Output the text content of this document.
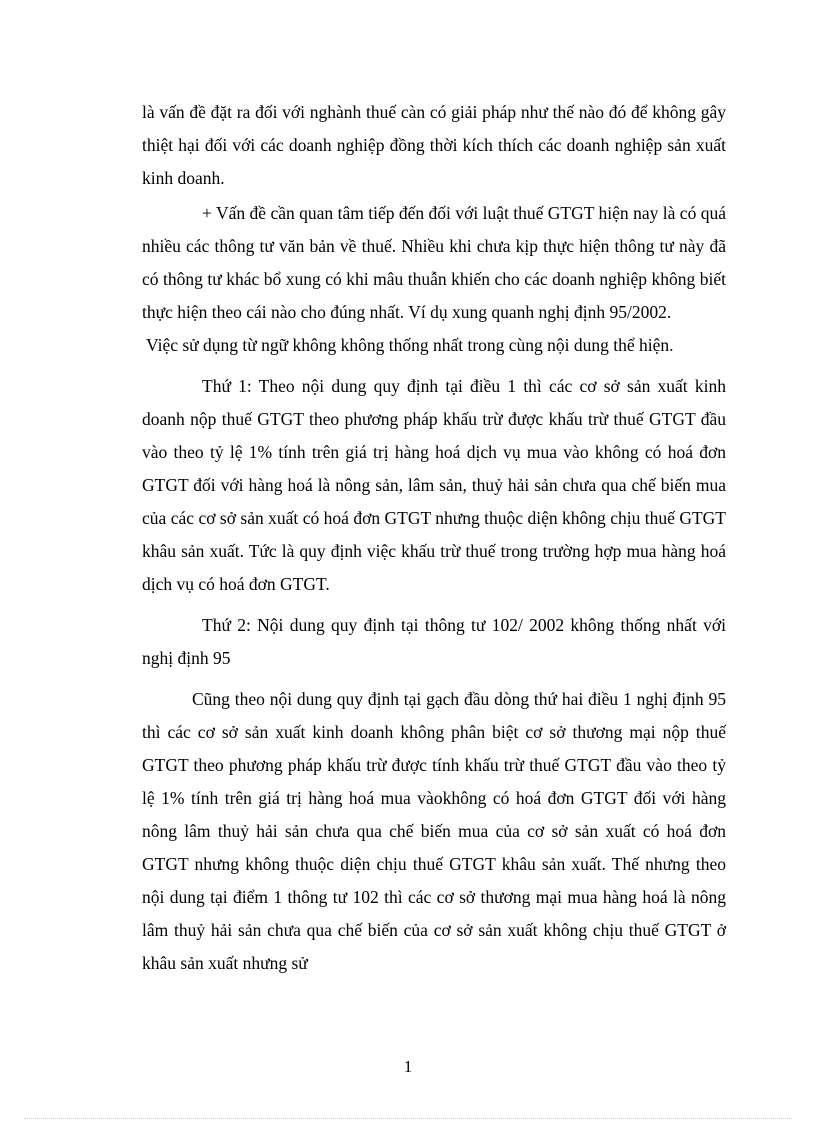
là vấn đề đặt ra đối với nghành thuế càn có giải pháp như thế nào đó để không gây thiệt hại đối với các doanh nghiệp đồng thời kích thích các doanh nghiệp sản xuất kinh doanh.

+ Vấn đề cần quan tâm tiếp đến đối với luật thuế GTGT hiện nay là có quá nhiều các thông tư văn bản về thuế. Nhiều khi chưa kịp thực hiện thông tư này đã có thông tư khác bổ xung có khi mâu thuẫn khiến cho các doanh nghiệp không biết thực hiện theo cái nào cho đúng nhất. Ví dụ xung quanh nghị định 95/2002.

Việc sử dụng từ ngữ không không thống nhất trong cùng nội dung thể hiện.

Thứ 1: Theo nội dung quy định tại điều 1 thì các cơ sở sản xuất kinh doanh nộp thuế GTGT theo phương pháp khấu trừ được khấu trừ thuế GTGT đầu vào theo tỷ lệ 1% tính trên giá trị hàng hoá dịch vụ mua vào không có hoá đơn GTGT đối với hàng hoá là nông sản, lâm sản, thuỷ hải sản chưa qua chế biến mua của các cơ sở sản xuất có hoá đơn GTGT nhưng thuộc diện không chịu thuế GTGT khâu sản xuất. Tức là quy định việc khấu trừ thuế trong trường hợp mua hàng hoá dịch vụ có hoá đơn GTGT.

Thứ 2: Nội dung quy định tại thông tư 102/ 2002 không thống nhất với nghị định 95

Cũng theo nội dung quy định tại gạch đầu dòng thứ hai điều 1 nghị định 95 thì các cơ sở sản xuất kinh doanh không phân biệt cơ sở thương mại nộp thuế GTGT theo phương pháp khấu trừ được tính khấu trừ thuế GTGT đầu vào theo tỷ lệ 1% tính trên giá trị hàng hoá mua vàokhông có hoá đơn GTGT đối với hàng nông lâm thuỷ hải sản chưa qua chế biến mua của cơ sở sản xuất có hoá đơn GTGT nhưng không thuộc diện chịu thuế GTGT khâu sản xuất. Thế nhưng theo nội dung tại điểm 1 thông tư 102 thì các cơ sở thương mại mua hàng hoá là nông lâm thuỷ hải sản chưa qua chế biến của cơ sở sản xuất không chịu thuế GTGT ở khâu sản xuất nhưng sử

1
